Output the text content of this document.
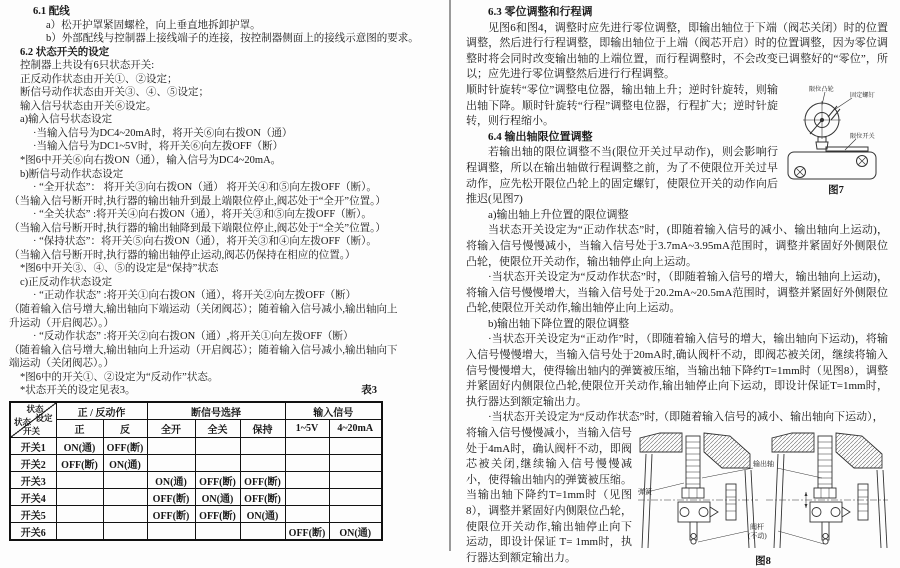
6.1 配线
a）松开护罩紧固螺栓，向上垂直地拆卸护罩。
b）外部配线与控制器上接线端子的连接，按控制器侧面上的接线示意图的要求。
6.2 状态开关的设定
控制器上共设有6只状态开关:
正反动作状态由开关①、②设定；
断信号动作状态由开关③、④、⑤设定；
输入信号状态由开关⑥设定。
a)输入信号状态设定
·当输入信号为DC4~20mA时，将开关⑥向右拨ON（通）
·当输入信号为DC1~5V时，将开关⑥向左拨OFF（断）
*图6中开关⑥向右拨ON（通），输入信号为DC4~20mA。
b)断信号动作状态设定
· “全开状态”： 将开关③向右拨ON（通） 将开关④和⑤向左拨OFF（断）。
（当输入信号断开时,执行器的输出轴升到最上端限位停止,阀芯处于“全开”位置。）
· “全关状态” :将开关④向右拨ON（通），将开关③和⑤向左拨OFF（断）。
（当输入信号断开时,执行器的输出轴降到最下端限位停止,阀芯处于“全关”位置。）
· “保持状态”：将开关⑤向右拨ON（通），将开关③和④向左拨OFF（断）。
（当输入信号断开时,执行器的输出轴停止运动,阀芯仍保持在相应的位置。）
*图6中开关③、④、⑤的设定是“保持”状态
c)正反动作状态设定
· “正动作状态” :将开关①向右拨ON（通），将开关②向左拨OFF（断）
（随着输入信号增大,输出轴向下端运动（关闭阀芯）；随着输入信号减小,输出轴向上
升运动（开启阀芯）。）
· “反动作状态” :将开关②向右拨ON（通）,将开关①向左拨OFF（断）
（随着输入信号增大,输出轴向上升运动（开启阀芯）；随着输入信号减小,输出轴向下
端运动（关闭阀芯）。）
*图6中的开关①、②设定为“反动作”状态。
*状态开关的设定见表3。	表3
状态
设定
状态
开关	正 / 反动作		断信号选择			输入信号	
	正	反	全开	全关	保持	1~5V	4~20mA
开关1	ON(通)	OFF(断)					
开关2	OFF(断)	ON(通)					
开关3			ON(通)	OFF(断)	OFF(断)		
开关4			OFF(断)	ON(通)	OFF(断)		
开关5			OFF(断)	OFF(断)	ON(通)		
开关6						OFF(断)	ON(通)

6.3 零位调整和行程调

见图6和图4，调整时应先进行零位调整，即输出轴位于下端（阀芯关闭）时的位置调整，然后进行行程调整，即输出轴位于上端（阀芯开启）时的位置调整，因为零位调整时将会同时改变输出轴的上端位置，而行程调整时，不会改变已调整好的“零位”，所以；应先进行零位调整然后进行行程调整。

限位凸轮
固定螺钉
限位开关
图7

顺时针旋转“零位”调整电位器，输出轴上升；逆时针旋转，则输出轴下降。顺时针旋转“行程”调整电位器，行程扩大；逆时针旋转，则行程缩小。

6.4 输出轴限位置调整

若输出轴的限位调整不当(限位开关过早动作)，则会影响行程调整，所以在输出轴做行程调整之前，为了不使限位开关过早动作，应先松开限位凸轮上的固定螺钉，使限位开关的动作向后推迟(见图7)

a)输出轴上升位置的限位调整

当状态开关设定为“正动作状态”时，(即随着输入信号的减小、输出轴向上运动)，将输入信号慢慢减小，当输入信号处于3.7mA~3.95mA范围时，调整并紧固好外侧限位凸轮，使限位开关动作，输出轴停止向上运动。

·当状态开关设定为“反动作状态”时，（即随着输入信号的增大，输出轴向上运动)，将输入信号慢慢增大，当输入信号处于20.2mA~20.5mA范围时，调整并紧固好外侧限位凸轮,使限位开关动作,输出轴停止向上运动。

b)输出轴下降位置的限位调整

·当状态开关设定为“正动作”时，（即随着输入信号的增大，输出轴向下运动)，将输入信号慢慢增大，当输入信号处于20mA时,确认阀杆不动，即阀芯被关闭，继续将输入信号慢慢增大，使得输出轴内的弹簧被压缩，当输出轴下降约T=1mm时（见图8），调整并紧固好内侧限位凸轮,使限位开关动作,输出轴停止向下运动，即设计保证T=1mm时，执行器达到额定输出力。

·当状态开关设定为“反动作状态”时,（即随着输入信号的减小、输出轴向下运动），

弹簧
输出轴
阀杆
(不动)
图8

将输入信号慢慢减小，当输入信号处于4mA时，确认阀杆不动，即阀芯被关闭,继续输入信号慢慢减小，使得输出轴内的弹簧被压缩。当输出轴下降约T=1mm时（见图8），调整并紧固好内侧限位凸轮，使限位开关动作,输出轴停止向下运动，即设计保证 T= 1mm时，执行器达到额定输出力。
